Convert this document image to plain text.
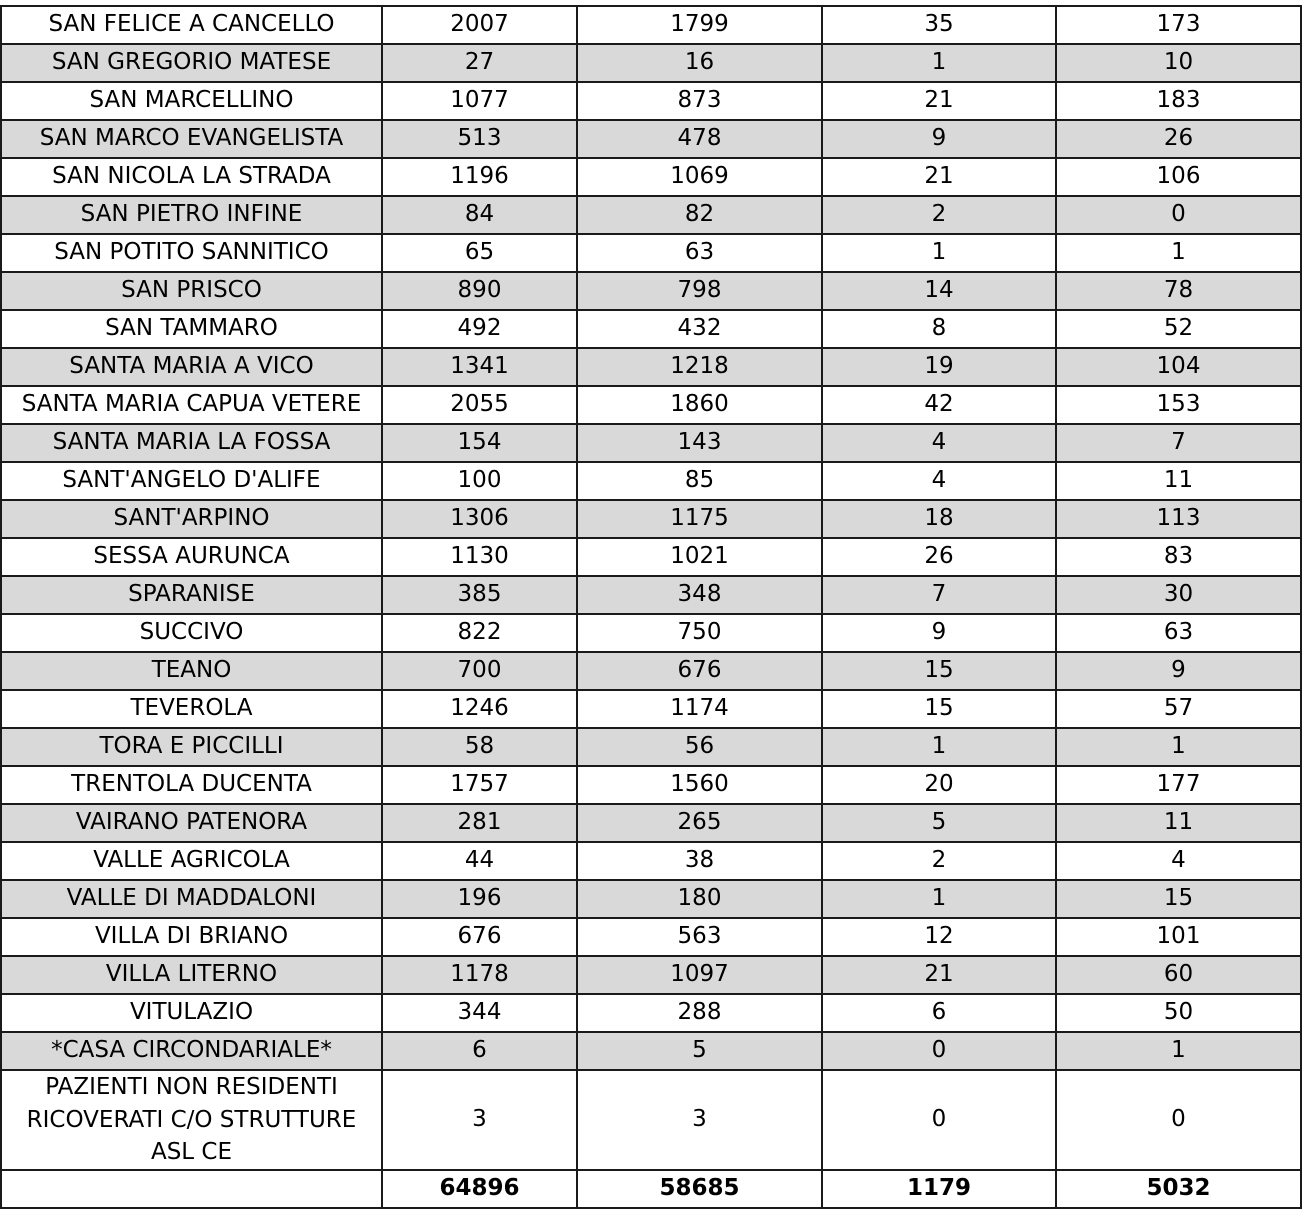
SAN FELICE A CANCELLO	2007	1799	35	173
SAN GREGORIO MATESE	27	16	1	10
SAN MARCELLINO	1077	873	21	183
SAN MARCO EVANGELISTA	513	478	9	26
SAN NICOLA LA STRADA	1196	1069	21	106
SAN PIETRO INFINE	84	82	2	0
SAN POTITO SANNITICO	65	63	1	1
SAN PRISCO	890	798	14	78
SAN TAMMARO	492	432	8	52
SANTA MARIA A VICO	1341	1218	19	104
SANTA MARIA CAPUA VETERE	2055	1860	42	153
SANTA MARIA LA FOSSA	154	143	4	7
SANT'ANGELO D'ALIFE	100	85	4	11
SANT'ARPINO	1306	1175	18	113
SESSA AURUNCA	1130	1021	26	83
SPARANISE	385	348	7	30
SUCCIVO	822	750	9	63
TEANO	700	676	15	9
TEVEROLA	1246	1174	15	57
TORA E PICCILLI	58	56	1	1
TRENTOLA DUCENTA	1757	1560	20	177
VAIRANO PATENORA	281	265	5	11
VALLE AGRICOLA	44	38	2	4
VALLE DI MADDALONI	196	180	1	15
VILLA DI BRIANO	676	563	12	101
VILLA LITERNO	1178	1097	21	60
VITULAZIO	344	288	6	50
*CASA CIRCONDARIALE*	6	5	0	1
PAZIENTI NON RESIDENTI RICOVERATI C/O STRUTTURE ASL CE	3	3	0	0
	64896	58685	1179	5032
